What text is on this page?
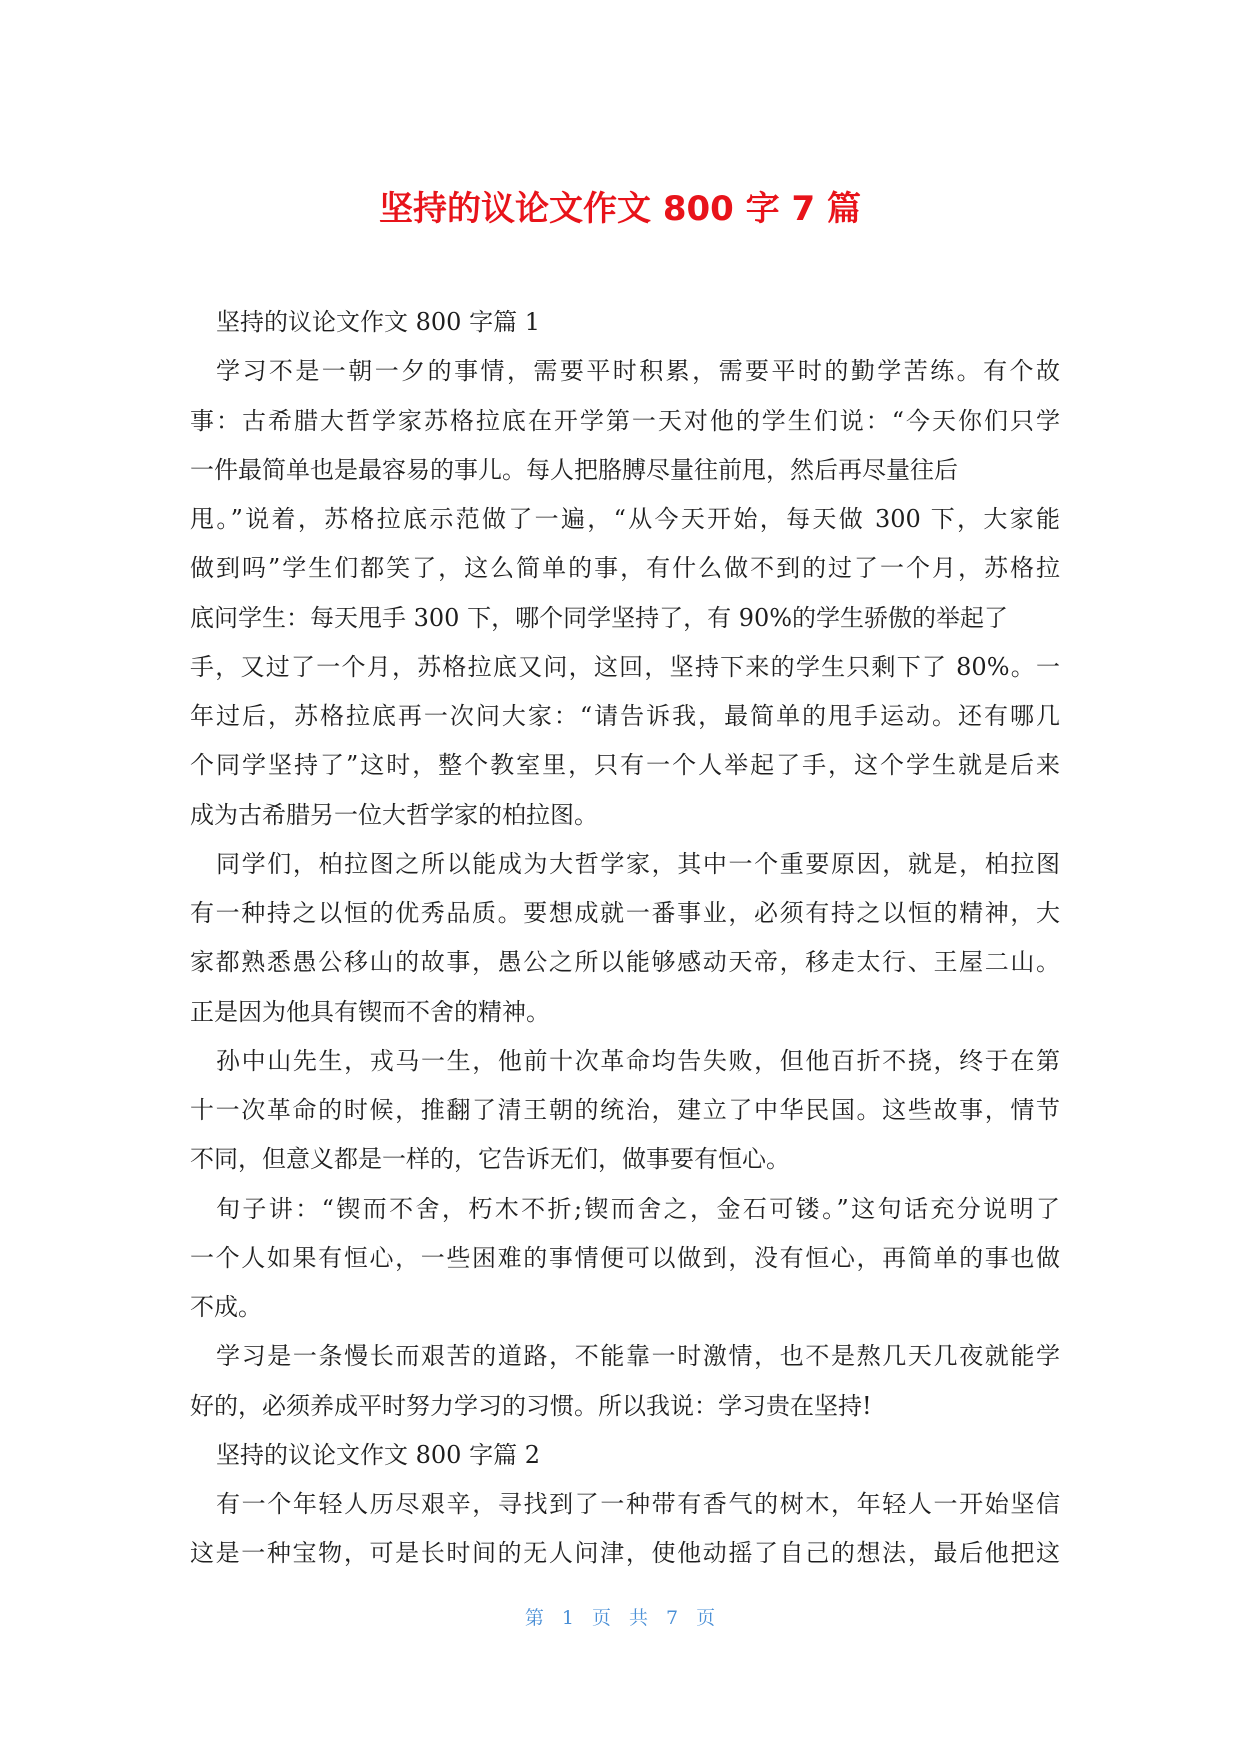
坚持的议论文作文 800 字 7 篇
坚持的议论文作文 800 字篇 1
学习不是一朝一夕的事情，需要平时积累，需要平时的勤学苦练。有个故
事：古希腊大哲学家苏格拉底在开学第一天对他的学生们说：“今天你们只学
一件最简单也是最容易的事儿。每人把胳膊尽量往前甩，然后再尽量往后
甩。”说着，苏格拉底示范做了一遍，“从今天开始，每天做 300 下，大家能
做到吗”学生们都笑了，这么简单的事，有什么做不到的过了一个月，苏格拉
底问学生：每天甩手 300 下，哪个同学坚持了，有 90%的学生骄傲的举起了
手，又过了一个月，苏格拉底又问，这回，坚持下来的学生只剩下了 80%。一
年过后，苏格拉底再一次问大家：“请告诉我，最简单的甩手运动。还有哪几
个同学坚持了”这时，整个教室里，只有一个人举起了手，这个学生就是后来
成为古希腊另一位大哲学家的柏拉图。
同学们，柏拉图之所以能成为大哲学家，其中一个重要原因，就是，柏拉图
有一种持之以恒的优秀品质。要想成就一番事业，必须有持之以恒的精神，大
家都熟悉愚公移山的故事，愚公之所以能够感动天帝，移走太行、王屋二山。
正是因为他具有锲而不舍的精神。
孙中山先生，戎马一生，他前十次革命均告失败，但他百折不挠，终于在第
十一次革命的时候，推翻了清王朝的统治，建立了中华民国。这些故事，情节
不同，但意义都是一样的，它告诉无们，做事要有恒心。
旬子讲：“锲而不舍，朽木不折;锲而舍之，金石可镂。”这句话充分说明了
一个人如果有恒心，一些困难的事情便可以做到，没有恒心，再简单的事也做
不成。
学习是一条慢长而艰苦的道路，不能靠一时激情，也不是熬几天几夜就能学
好的，必须养成平时努力学习的习惯。所以我说：学习贵在坚持!
坚持的议论文作文 800 字篇 2
有一个年轻人历尽艰辛，寻找到了一种带有香气的树木，年轻人一开始坚信
这是一种宝物，可是长时间的无人问津，使他动摇了自己的想法，最后他把这
第 1 页 共 7 页
